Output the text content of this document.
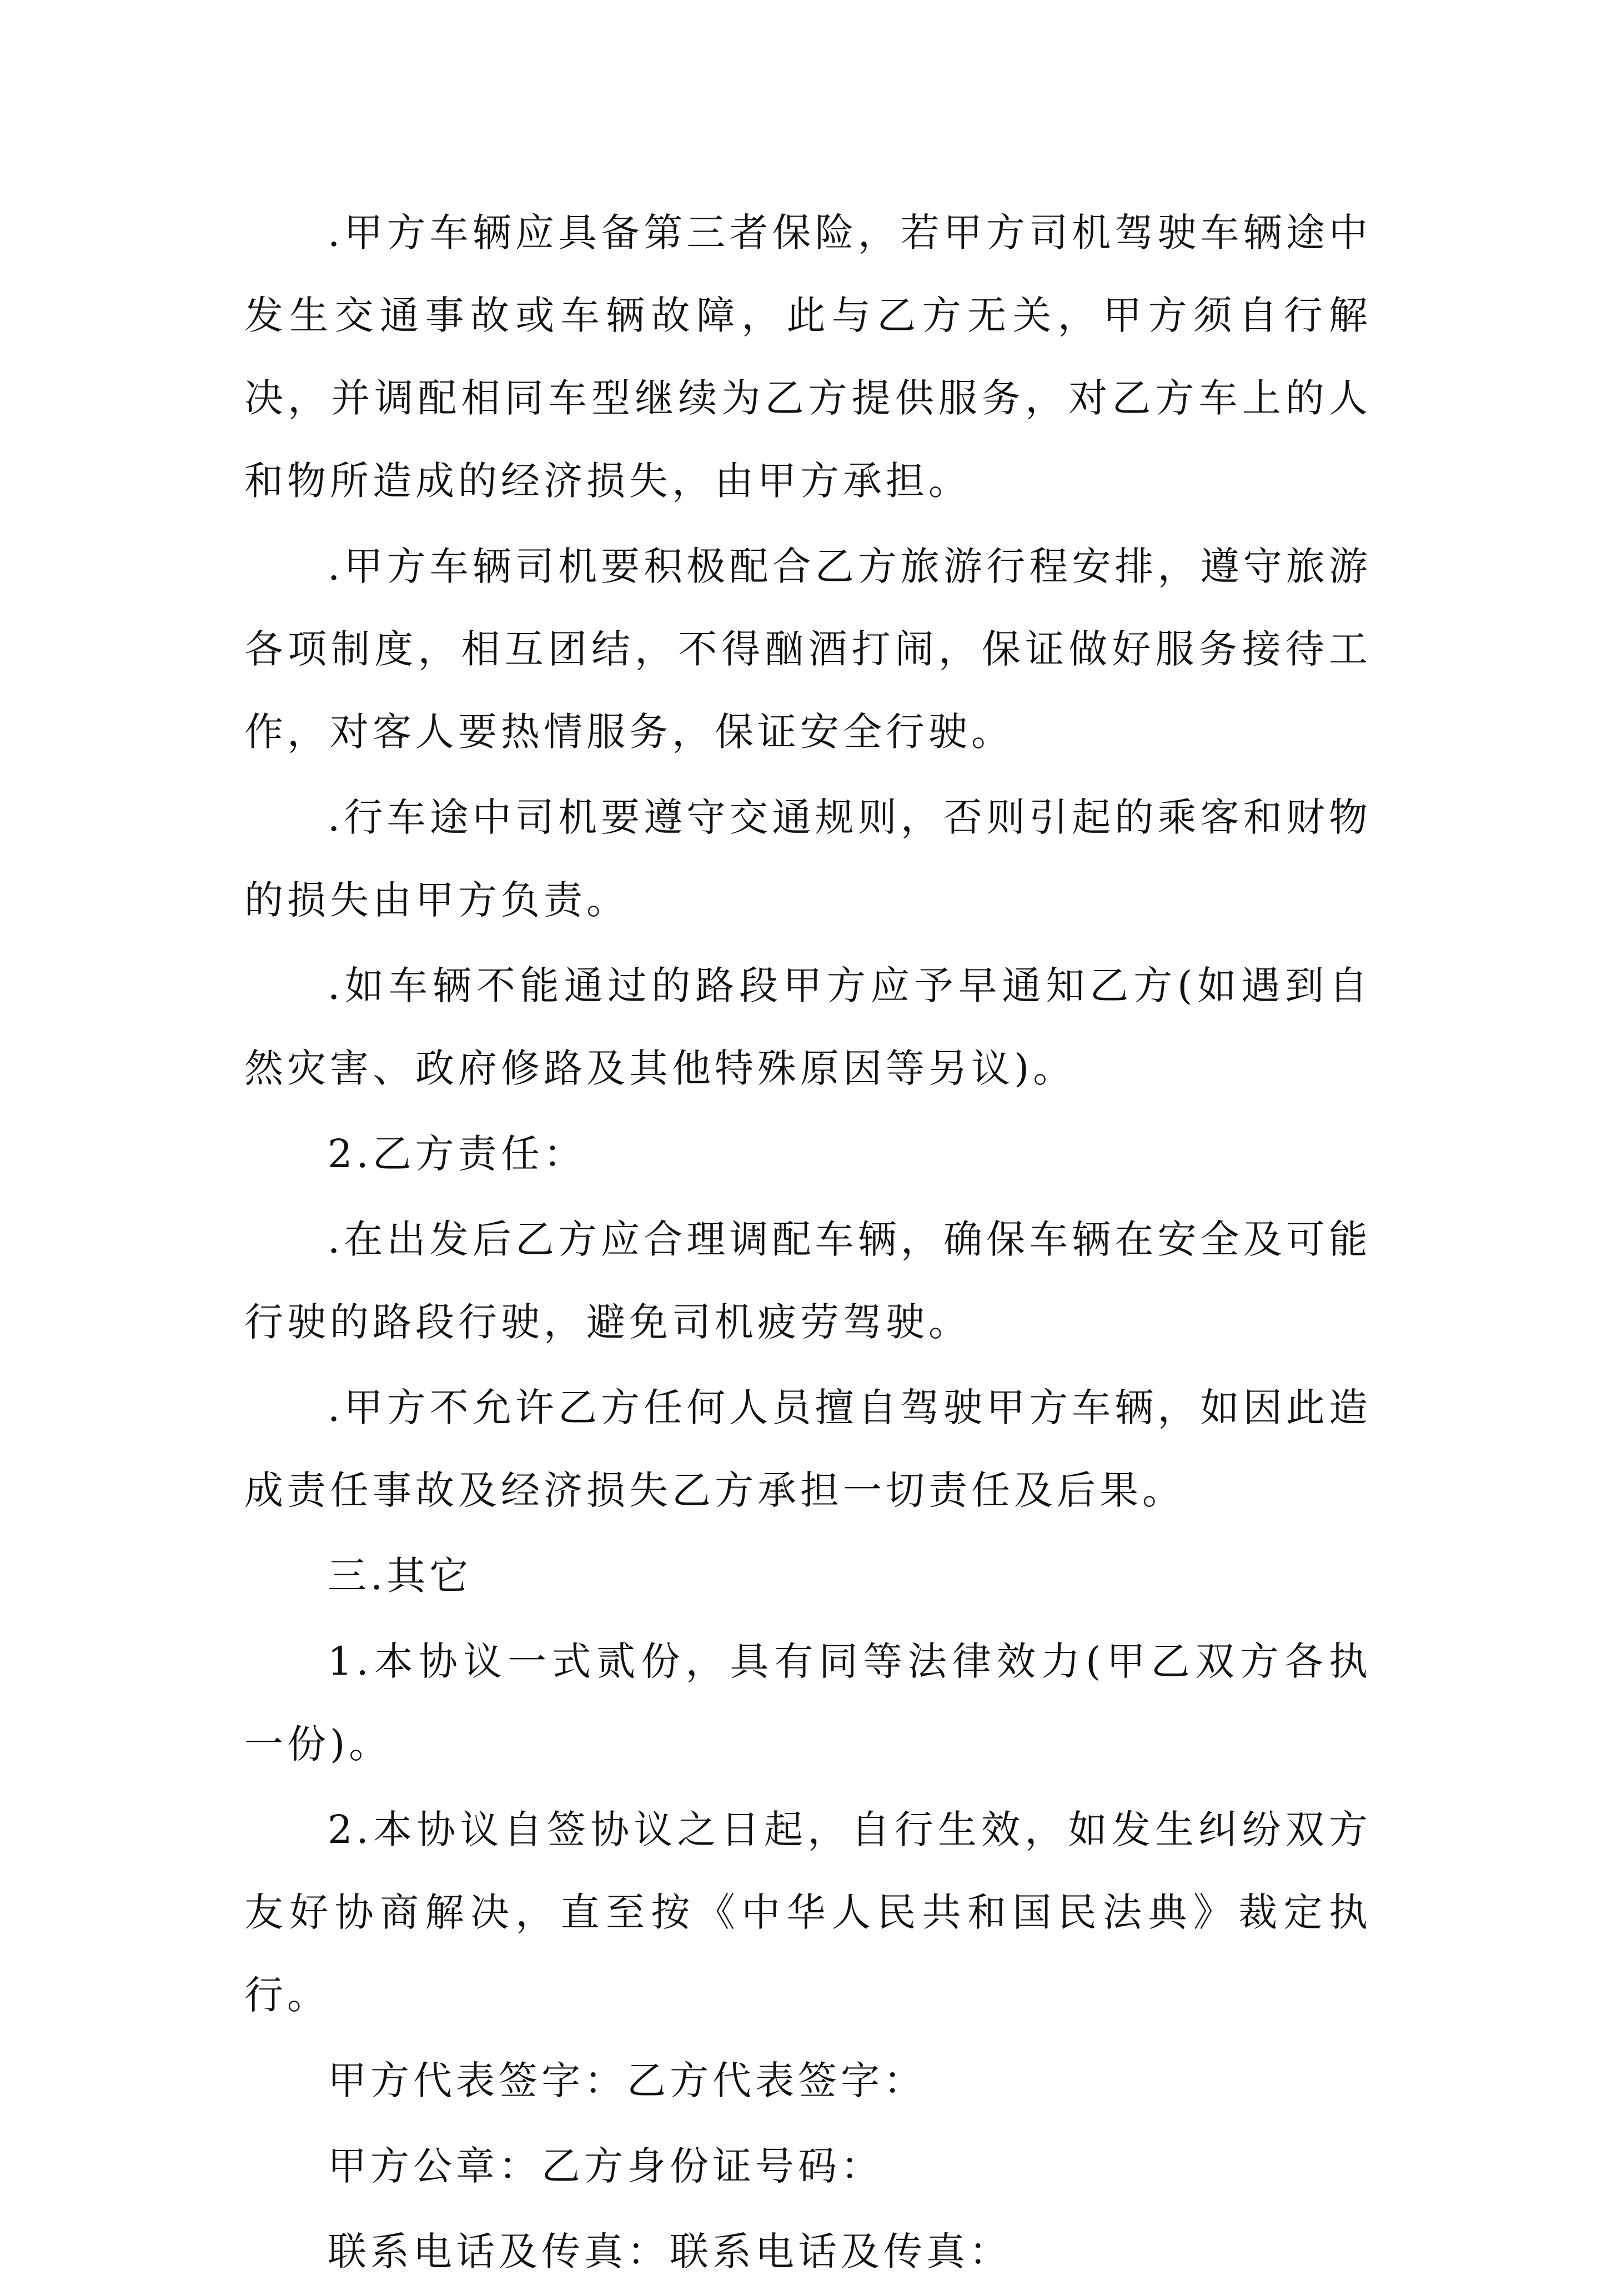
.甲方车辆应具备第三者保险，若甲方司机驾驶车辆途中发生交通事故或车辆故障，此与乙方无关，甲方须自行解决，并调配相同车型继续为乙方提供服务，对乙方车上的人和物所造成的经济损失，由甲方承担。

.甲方车辆司机要积极配合乙方旅游行程安排，遵守旅游各项制度，相互团结，不得酗酒打闹，保证做好服务接待工作，对客人要热情服务，保证安全行驶。

.行车途中司机要遵守交通规则，否则引起的乘客和财物的损失由甲方负责。

.如车辆不能通过的路段甲方应予早通知乙方(如遇到自然灾害、政府修路及其他特殊原因等另议)。

2.乙方责任：

.在出发后乙方应合理调配车辆，确保车辆在安全及可能行驶的路段行驶，避免司机疲劳驾驶。

.甲方不允许乙方任何人员擅自驾驶甲方车辆，如因此造成责任事故及经济损失乙方承担一切责任及后果。

三.其它

1.本协议一式贰份，具有同等法律效力(甲乙双方各执一份)。

2.本协议自签协议之日起，自行生效，如发生纠纷双方友好协商解决，直至按《中华人民共和国民法典》裁定执行。

甲方代表签字：乙方代表签字：

甲方公章：乙方身份证号码：

联系电话及传真：联系电话及传真：
